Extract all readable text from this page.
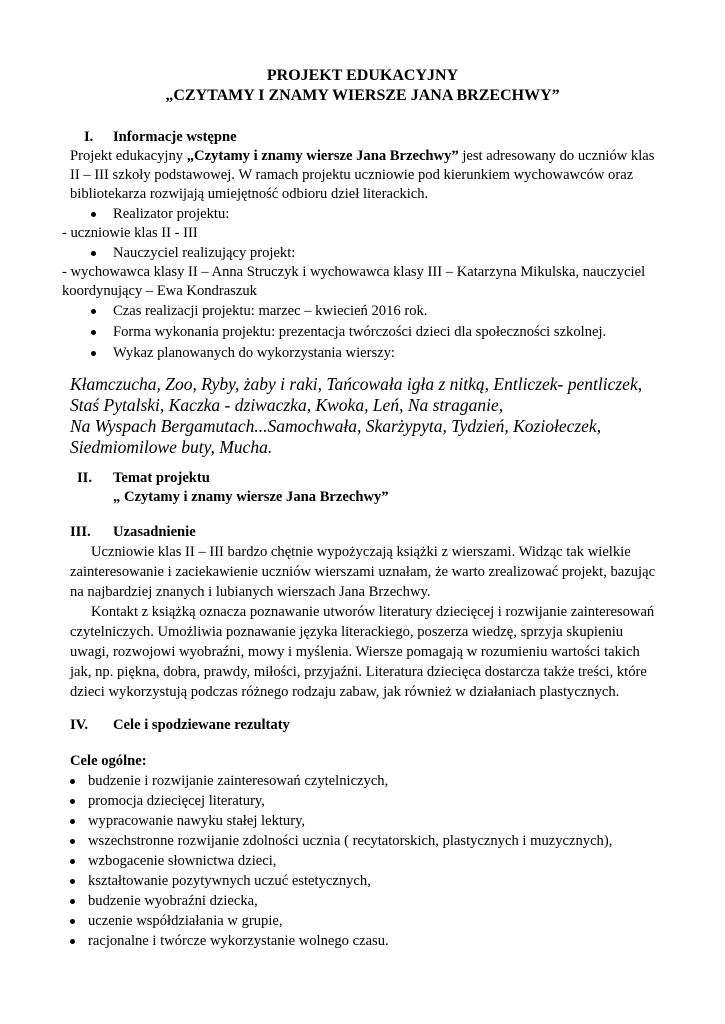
PROJEKT EDUKACYJNY
„CZYTAMY I ZNAMY WIERSZE JANA BRZECHWY”
I. Informacje wstępne
Projekt edukacyjny „Czytamy i znamy wiersze Jana Brzechwy” jest adresowany do uczniów klas
II – III szkoły podstawowej. W ramach projektu uczniowie pod kierunkiem wychowawców oraz
bibliotekarza rozwijają umiejętność odbioru dzieł literackich.
Realizator projektu:
- uczniowie klas II - III
Nauczyciel realizujący projekt:
- wychowawca klasy II – Anna Struczyk i wychowawca klasy III – Katarzyna Mikulska, nauczyciel
koordynujący – Ewa Kondraszuk
Czas realizacji projektu: marzec – kwiecień 2016 rok.
Forma wykonania projektu: prezentacja twórczości dzieci dla społeczności szkolnej.
Wykaz planowanych do wykorzystania wierszy:
Kłamczucha, Zoo, Ryby, żaby i raki, Tańcowała igła z nitką, Entliczek- pentliczek,
Staś Pytalski, Kaczka - dziwaczka, Kwoka, Leń, Na straganie,
Na Wyspach Bergamutach...Samochwała, Skarżypyta, Tydzień, Koziołeczek,
Siedmiomilowe buty, Mucha.
II. Temat projektu
„ Czytamy i znamy wiersze Jana Brzechwy”
III. Uzasadnienie
Uczniowie klas II – III bardzo chętnie wypożyczają książki z wierszami. Widząc tak wielkie
zainteresowanie i zaciekawienie uczniów wierszami uznałam, że warto zrealizować projekt, bazując
na najbardziej znanych i lubianych wierszach Jana Brzechwy.
Kontakt z książką oznacza poznawanie utworów literatury dziecięcej i rozwijanie zainteresowań
czytelniczych. Umożliwia poznawanie języka literackiego, poszerza wiedzę, sprzyja skupieniu
uwagi, rozwojowi wyobraźni, mowy i myślenia. Wiersze pomagają w rozumieniu wartości takich
jak, np. piękna, dobra, prawdy, miłości, przyjaźni. Literatura dziecięca dostarcza także treści, które
dzieci wykorzystują podczas różnego rodzaju zabaw, jak również w działaniach plastycznych.
IV. Cele i spodziewane rezultaty
Cele ogólne:
budzenie i rozwijanie zainteresowań czytelniczych,
promocja dziecięcej literatury,
wypracowanie nawyku stałej lektury,
wszechstronne rozwijanie zdolności ucznia ( recytatorskich, plastycznych i muzycznych),
wzbogacenie słownictwa dzieci,
kształtowanie pozytywnych uczuć estetycznych,
budzenie wyobraźni dziecka,
uczenie współdziałania w grupie,
racjonalne i twórcze wykorzystanie wolnego czasu.
